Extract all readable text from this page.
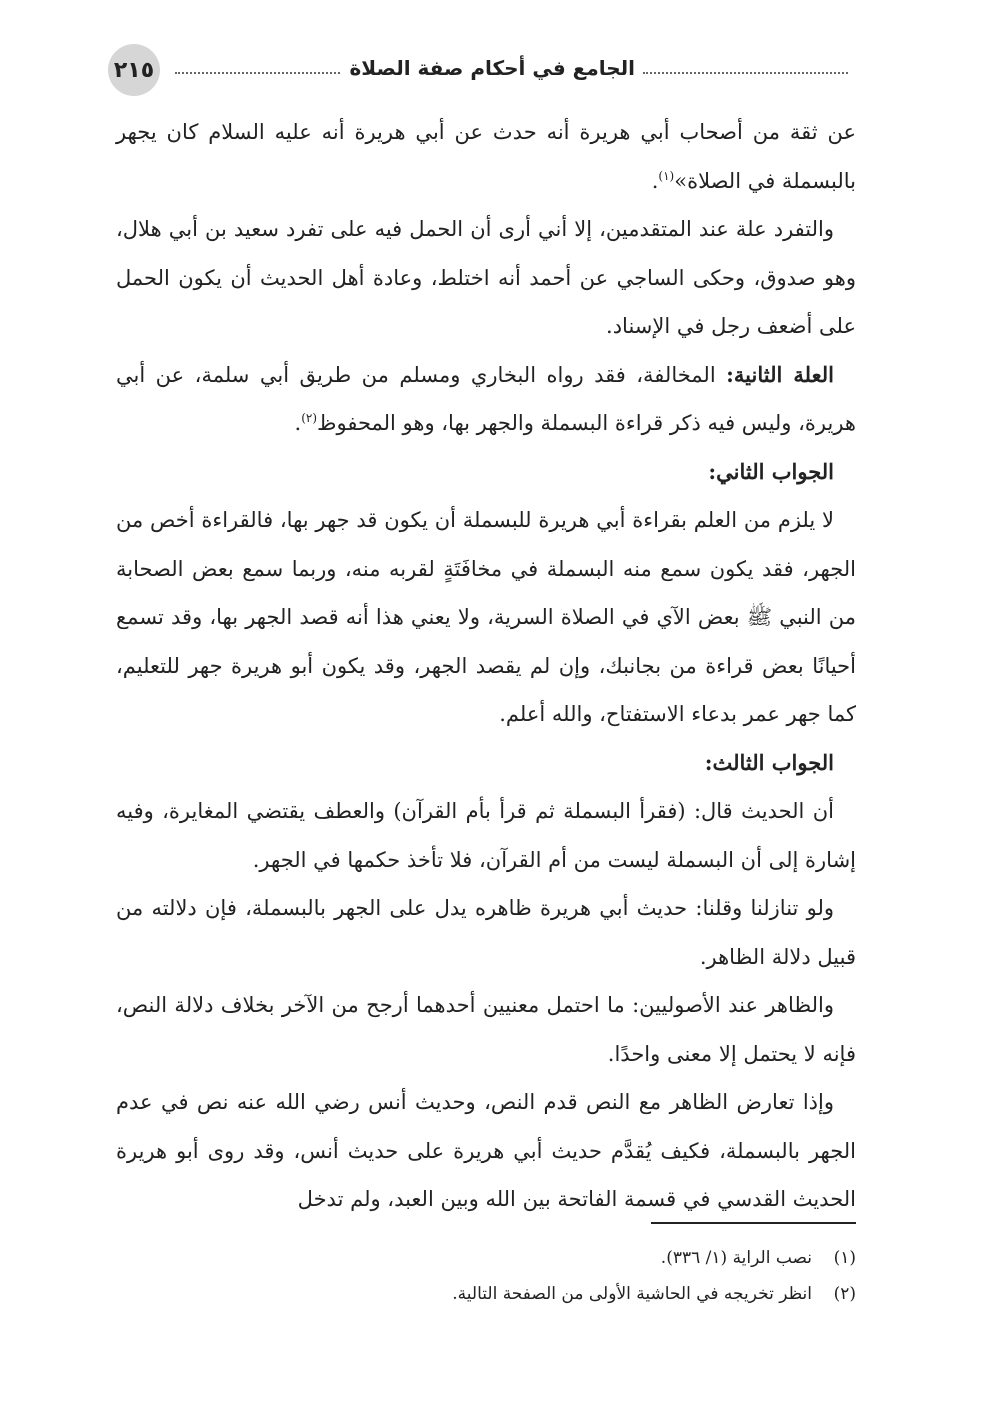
٢١٥	الجامع في أحكام صفة الصلاة

عن ثقة من أصحاب أبي هريرة أنه حدث عن أبي هريرة أنه عليه السلام كان يجهر بالبسملة في الصلاة»$^{(١)}$.

والتفرد علة عند المتقدمين، إلا أني أرى أن الحمل فيه على تفرد سعيد بن أبي هلال، وهو صدوق، وحكى الساجي عن أحمد أنه اختلط، وعادة أهل الحديث أن يكون الحمل على أضعف رجل في الإسناد.

العلة الثانية: المخالفة، فقد رواه البخاري ومسلم من طريق أبي سلمة، عن أبي هريرة، وليس فيه ذكر قراءة البسملة والجهر بها، وهو المحفوظ$^{(٢)}$.

الجواب الثاني:

لا يلزم من العلم بقراءة أبي هريرة للبسملة أن يكون قد جهر بها، فالقراءة أخص من الجهر، فقد يكون سمع منه البسملة في مخافَتَةٍ لقربه منه، وربما سمع بعض الصحابة من النبي ﷺ بعض الآي في الصلاة السرية، ولا يعني هذا أنه قصد الجهر بها، وقد تسمع أحيانًا بعض قراءة من بجانبك، وإن لم يقصد الجهر، وقد يكون أبو هريرة جهر للتعليم، كما جهر عمر بدعاء الاستفتاح، والله أعلم.

الجواب الثالث:

أن الحديث قال: (فقرأ البسملة ثم قرأ بأم القرآن) والعطف يقتضي المغايرة، وفيه إشارة إلى أن البسملة ليست من أم القرآن، فلا تأخذ حكمها في الجهر.

ولو تنازلنا وقلنا: حديث أبي هريرة ظاهره يدل على الجهر بالبسملة، فإن دلالته من قبيل دلالة الظاهر.

والظاهر عند الأصوليين: ما احتمل معنيين أحدهما أرجح من الآخر بخلاف دلالة النص، فإنه لا يحتمل إلا معنى واحدًا.

وإذا تعارض الظاهر مع النص قدم النص، وحديث أنس رضي الله عنه نص في عدم الجهر بالبسملة، فكيف يُقدَّم حديث أبي هريرة على حديث أنس، وقد روى أبو هريرة الحديث القدسي في قسمة الفاتحة بين الله وبين العبد، ولم تدخل

(١)نصب الراية (١/ ٣٣٦).
(٢)انظر تخريجه في الحاشية الأولى من الصفحة التالية.
